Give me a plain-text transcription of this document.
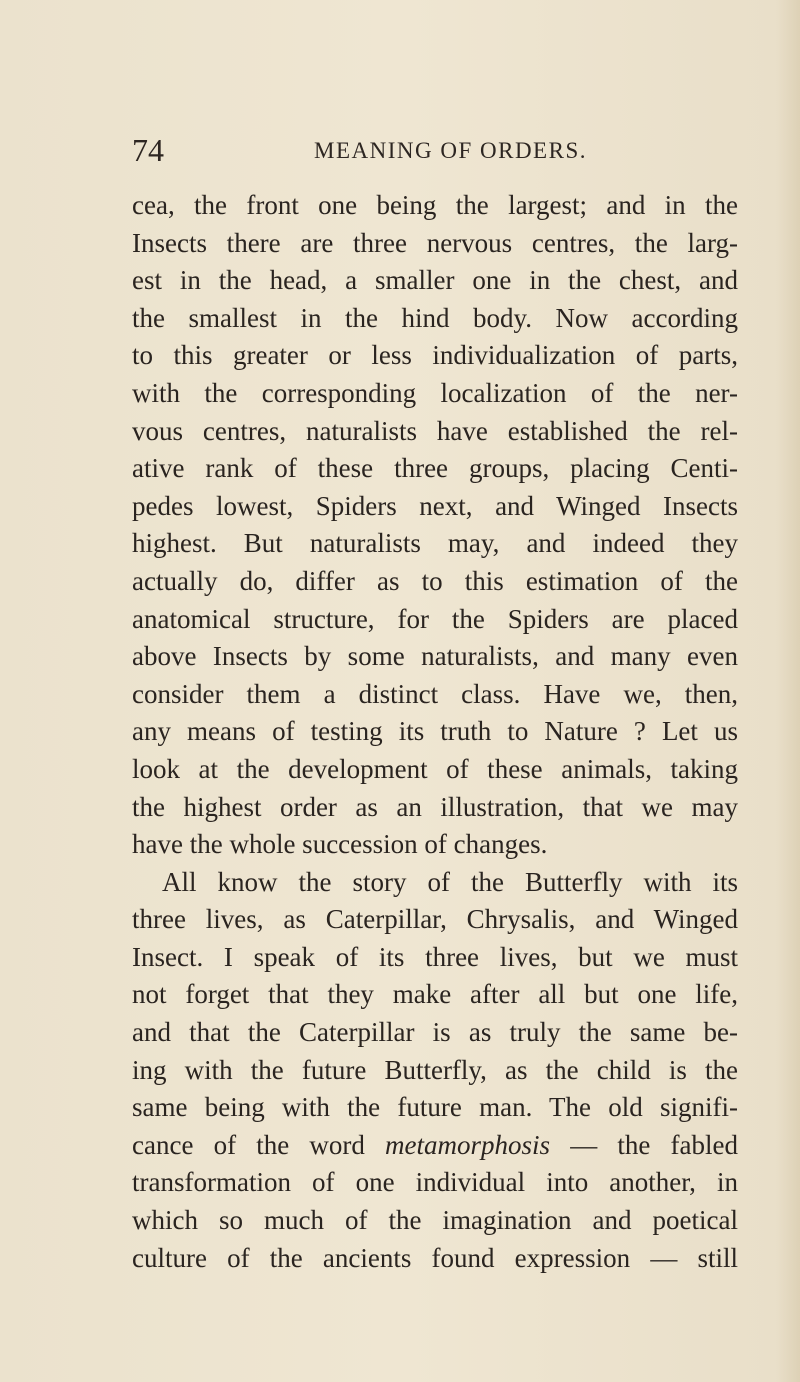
74	MEANING OF ORDERS.
cea, the front one being the largest; and in the
Insects there are three nervous centres, the larg-
est in the head, a smaller one in the chest, and
the smallest in the hind body. Now according
to this greater or less individualization of parts,
with the corresponding localization of the ner-
vous centres, naturalists have established the rel-
ative rank of these three groups, placing Centi-
pedes lowest, Spiders next, and Winged Insects
highest. But naturalists may, and indeed they
actually do, differ as to this estimation of the
anatomical structure, for the Spiders are placed
above Insects by some naturalists, and many even
consider them a distinct class. Have we, then,
any means of testing its truth to Nature ? Let us
look at the development of these animals, taking
the highest order as an illustration, that we may
have the whole succession of changes.
All know the story of the Butterfly with its
three lives, as Caterpillar, Chrysalis, and Winged
Insect. I speak of its three lives, but we must
not forget that they make after all but one life,
and that the Caterpillar is as truly the same be-
ing with the future Butterfly, as the child is the
same being with the future man. The old signifi-
cance of the word metamorphosis — the fabled
transformation of one individual into another, in
which so much of the imagination and poetical
culture of the ancients found expression — still
